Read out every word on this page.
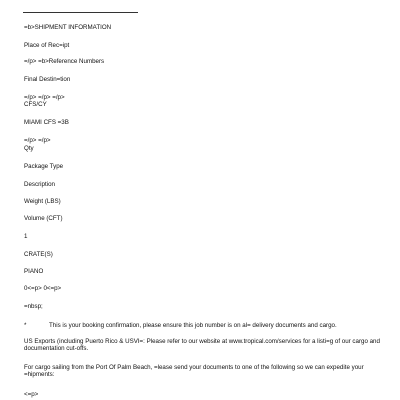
=b>SHIPMENT INFORMATION
Place of Rec=ipt
=/p> =b>Reference Numbers
Final Destin=tion
=/p> =/p> =/p>
CFS/CY
MIAMI CFS =3B
=/p> =/p>
Qty
Package Type
Description
Weight (LBS)
Volume (CFT)
1
CRATE(S)
PIANO
0<=p> 0<=p>
=nbsp;
*	This is your booking confirmation, please ensure this job number is on al= delivery documents and cargo.
US Exports (including Puerto Rico & USVI=: Please refer to our website at www.tropical.com/services for a listi=g of our cargo and documentation cut-offs.
For cargo sailing from the Port Of Palm Beach, =lease send your documents to one of the following so we can expedite your =hipments:
<=p>
